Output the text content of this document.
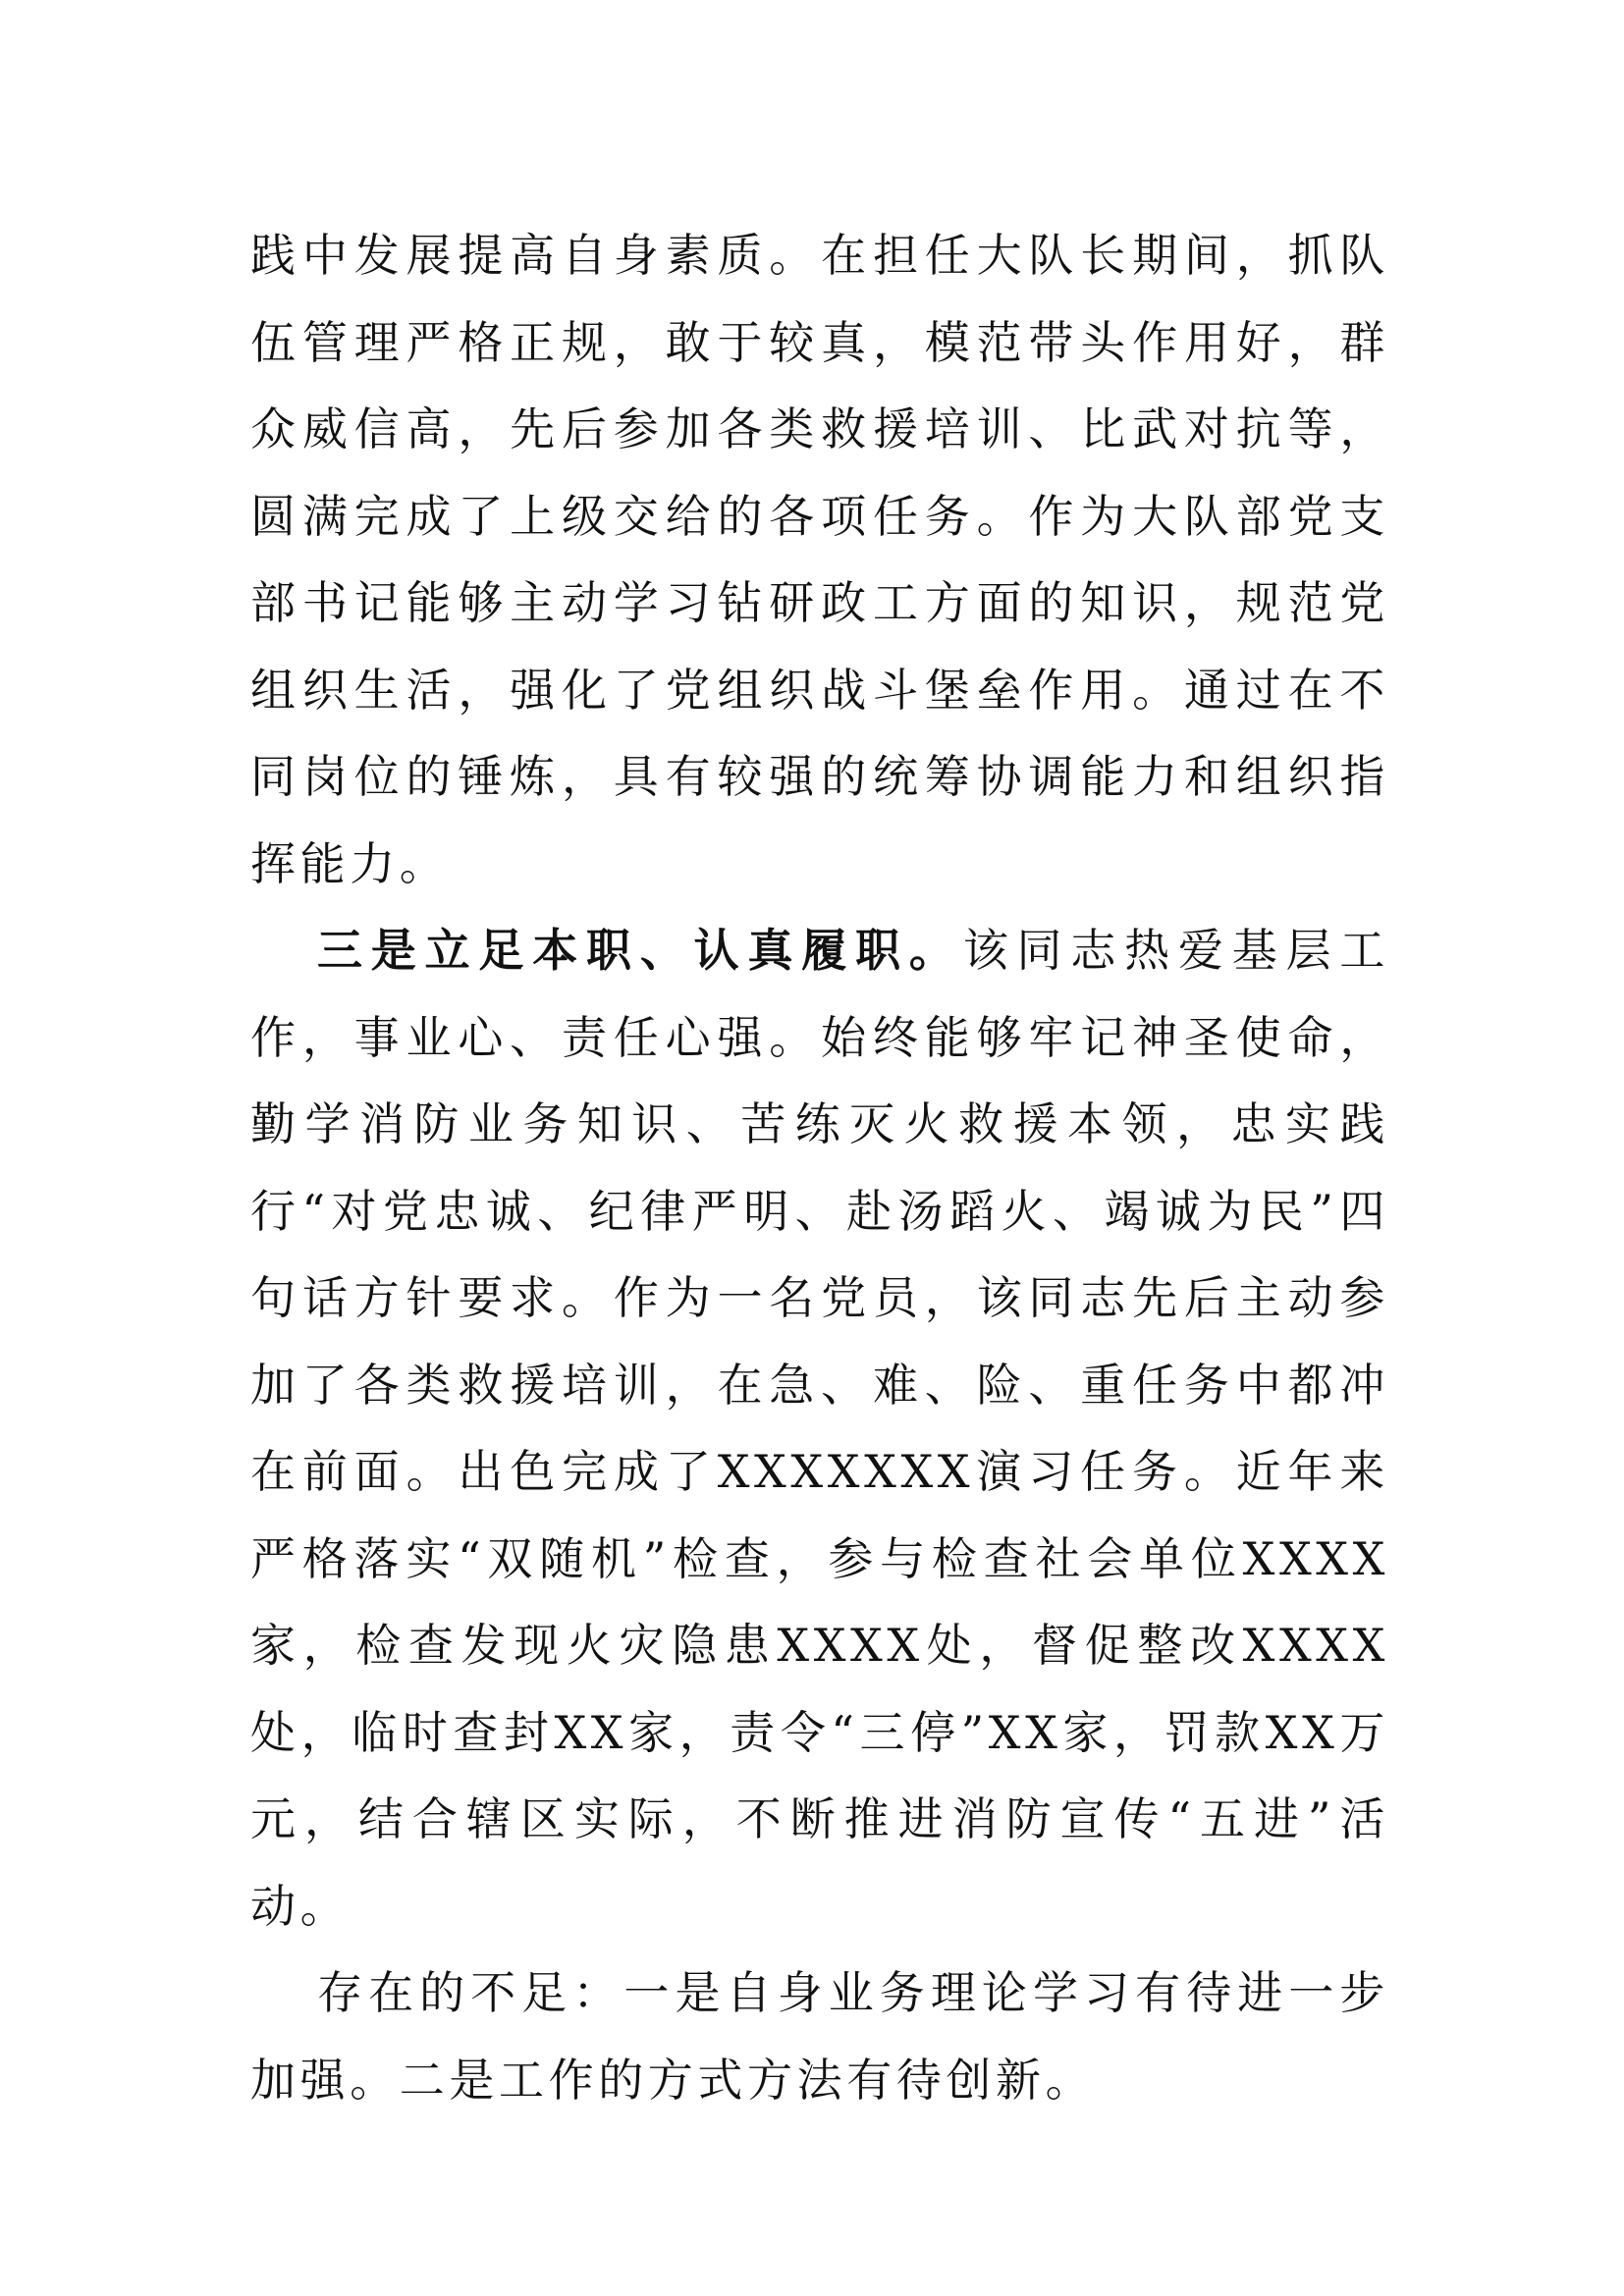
践中发展提高自身素质。在担任大队长期间，抓队伍管理严格正规，敢于较真，模范带头作用好，群众威信高，先后参加各类救援培训、比武对抗等，圆满完成了上级交给的各项任务。作为大队部党支部书记能够主动学习钻研政工方面的知识，规范党组织生活，强化了党组织战斗堡垒作用。通过在不同岗位的锤炼，具有较强的统筹协调能力和组织指挥能力。

三是立足本职、认真履职。该同志热爱基层工作，事业心、责任心强。始终能够牢记神圣使命，勤学消防业务知识、苦练灭火救援本领，忠实践行“对党忠诚、纪律严明、赴汤蹈火、竭诚为民”四句话方针要求。作为一名党员，该同志先后主动参加了各类救援培训，在急、难、险、重任务中都冲在前面。出色完成了XXXXXXX演习任务。近年来严格落实“双随机”检查，参与检查社会单位XXXX家，检查发现火灾隐患XXXX处，督促整改XXXX处，临时查封XX家，责令“三停”XX家，罚款XX万元，结合辖区实际，不断推进消防宣传“五进”活动。

存在的不足：一是自身业务理论学习有待进一步加强。二是工作的方式方法有待创新。
